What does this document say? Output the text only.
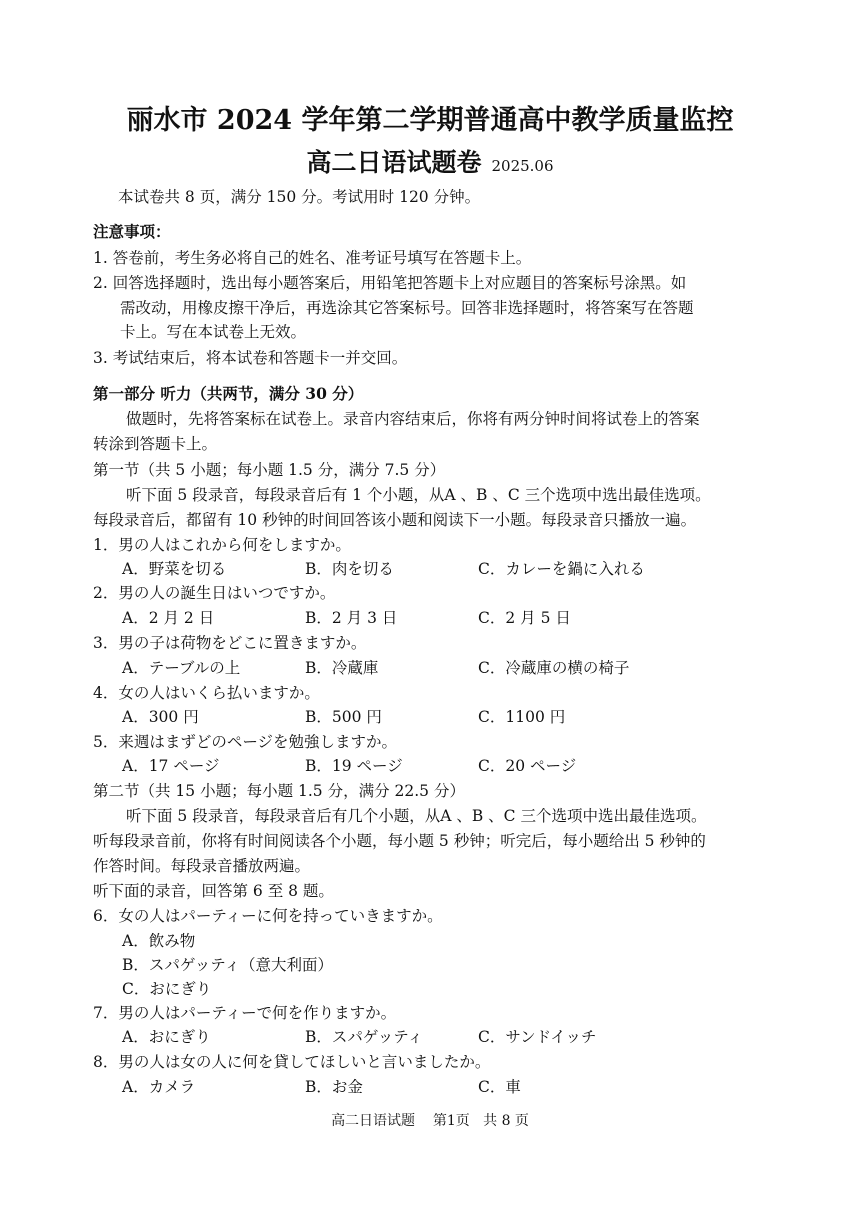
丽水市 2024 学年第二学期普通高中教学质量监控
高二日语试题卷 2025.06
本试卷共 8 页，满分 150 分。考试用时 120 分钟。
注意事项：
1. 答卷前，考生务必将自己的姓名、准考证号填写在答题卡上。
2. 回答选择题时，选出每小题答案后，用铅笔把答题卡上对应题目的答案标号涂黑。如
需改动，用橡皮擦干净后，再选涂其它答案标号。回答非选择题时，将答案写在答题
卡上。写在本试卷上无效。
3. 考试结束后，将本试卷和答题卡一并交回。
第一部分 听力（共两节，满分 30 分）
做题时，先将答案标在试卷上。录音内容结束后，你将有两分钟时间将试卷上的答案
转涂到答题卡上。
第一节（共 5 小题；每小题 1.5 分，满分 7.5 分）
听下面 5 段录音，每段录音后有 1 个小题，从A 、B 、C 三个选项中选出最佳选项。
每段录音后，都留有 10 秒钟的时间回答该小题和阅读下一小题。每段录音只播放一遍。
1．男の人はこれから何をしますか。
A．野菜を切る	B．肉を切る	C．カレーを鍋に入れる
2．男の人の誕生日はいつですか。
A．2 月 2 日	B．2 月 3 日	C．2 月 5 日
3．男の子は荷物をどこに置きますか。
A．テーブルの上	B．冷蔵庫	C．冷蔵庫の横の椅子
4．女の人はいくら払いますか。
A．300 円	B．500 円	C．1100 円
5．来週はまずどのページを勉強しますか。
A．17 ページ	B．19 ページ	C．20 ページ
第二节（共 15 小题；每小题 1.5 分，满分 22.5 分）
听下面 5 段录音，每段录音后有几个小题，从A 、B 、C 三个选项中选出最佳选项。
听每段录音前，你将有时间阅读各个小题，每小题 5 秒钟；听完后，每小题给出 5 秒钟的
作答时间。每段录音播放两遍。
听下面的录音，回答第 6 至 8 题。
6．女の人はパーティーに何を持っていきますか。
A．飲み物
B．スパゲッティ（意大利面）
C．おにぎり
7．男の人はパーティーで何を作りますか。
A．おにぎり	B．スパゲッティ	C．サンドイッチ
8．男の人は女の人に何を貸してほしいと言いましたか。
A．カメラ	B．お金	C．車
高二日语试题    第1页   共 8 页
